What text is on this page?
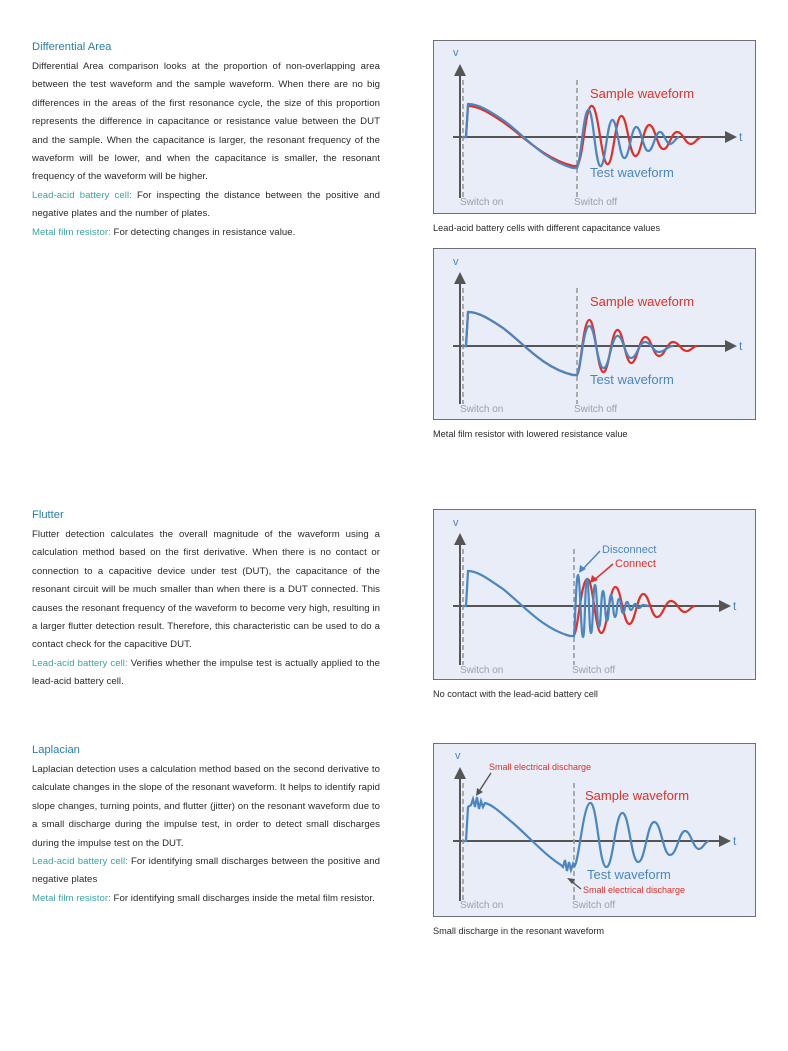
Differential Area

Differential Area comparison looks at the proportion of non-overlapping area between the test waveform and the sample waveform. When there are no big differences in the areas of the first resonance cycle, the size of this proportion represents the difference in capacitance or resistance value between the DUT and the sample. When the capacitance is larger, the resonant frequency of the waveform will be lower, and when the capacitance is smaller, the resonant frequency of the waveform will be higher.
Lead-acid battery cell: For inspecting the distance between the positive and negative plates and the number of plates.
Metal film resistor: For detecting changes in resistance value.

Flutter

Flutter detection calculates the overall magnitude of the waveform using a calculation method based on the first derivative. When there is no contact or connection to a capacitive device under test (DUT), the capacitance of the resonant circuit will be much smaller than when there is a DUT connected. This causes the resonant frequency of the waveform to become very high, resulting in a larger flutter detection result. Therefore, this characteristic can be used to do a contact check for the capacitive DUT.
Lead-acid battery cell: Verifies whether the impulse test is actually applied to the lead-acid battery cell.

Laplacian

Laplacian detection uses a calculation method based on the second derivative to calculate changes in the slope of the resonant waveform. It helps to identify rapid slope changes, turning points, and flutter (jitter) on the resonant waveform due to a small discharge during the impulse test, in order to detect small discharges during the impulse test on the DUT.
Lead-acid battery cell: For identifying small discharges between the positive and negative plates
Metal film resistor: For identifying small discharges inside the metal film resistor.

v
t
Switch on	Switch off
Sample waveform
Test waveform
Lead-acid battery cells with different capacitance values
v
t
Switch on	Switch off
Sample waveform
Test waveform
Metal film resistor with lowered resistance value
v
t
Switch on	Switch off
Disconnect
Connect
No contact with the lead-acid battery cell
v
t
Switch on	Switch off
Sample waveform
Test waveform
Small electrical discharge
Small electrical discharge
Small discharge in the resonant waveform
